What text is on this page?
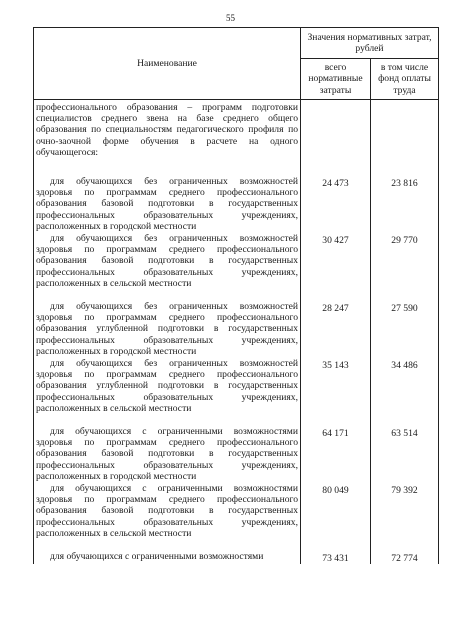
55
Наименование	Значения нормативных затрат, рублей	
	всего нормативные затраты	в том числе фонд оплаты труда

профессионального образования – программ подготовки специалистов среднего звена на базе среднего общего образования по специальностям педагогического профиля по очно-заочной форме обучения в расчете на одного обучающегося:		

для обучающихся без ограниченных возможностей здоровья по программам среднего профессионального образования базовой подготовки в государственных профессиональных образовательных учреждениях, расположенных в городской местности	24 473	23 816

для обучающихся без ограниченных возможностей здоровья по программам среднего профессионального образования базовой подготовки в государственных профессиональных образовательных учреждениях, расположенных в сельской местности	30 427	29 770

для обучающихся без ограниченных возможностей здоровья по программам среднего профессионального образования углубленной подготовки в государственных профессиональных образовательных учреждениях, расположенных в городской местности	28 247	27 590

для обучающихся без ограниченных возможностей здоровья по программам среднего профессионального образования углубленной подготовки в государственных профессиональных образовательных учреждениях, расположенных в сельской местности	35 143	34 486

для обучающихся с ограниченными возможностями здоровья по программам среднего профессионального образования базовой подготовки в государственных профессиональных образовательных учреждениях, расположенных в городской местности	64 171	63 514

для обучающихся с ограниченными возможностями здоровья по программам среднего профессионального образования базовой подготовки в государственных профессиональных образовательных учреждениях, расположенных в сельской местности	80 049	79 392

для обучающихся с ограниченными возможностями	73 431	72 774
